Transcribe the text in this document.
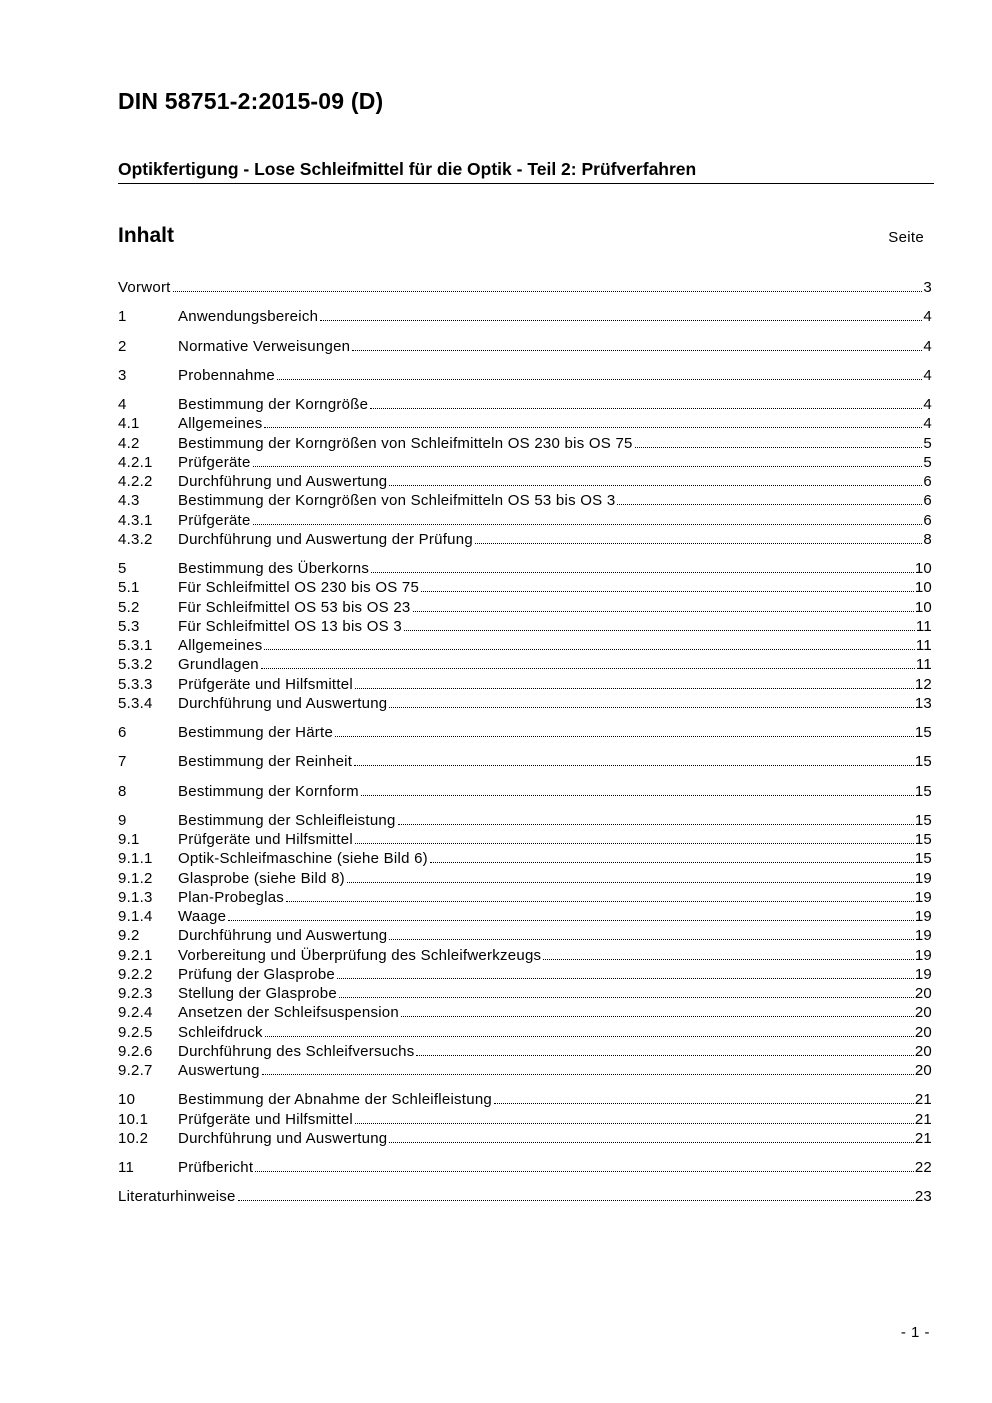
DIN 58751-2:2015-09 (D)
Optikfertigung - Lose Schleifmittel für die Optik - Teil 2: Prüfverfahren
Inhalt	Seite
Vorwort	3
1	Anwendungsbereich	4
2	Normative Verweisungen	4
3	Probennahme	4
4	Bestimmung der Korngröße	4
4.1	Allgemeines	4
4.2	Bestimmung der Korngrößen von Schleifmitteln OS 230 bis OS 75	5
4.2.1	Prüfgeräte	5
4.2.2	Durchführung und Auswertung	6
4.3	Bestimmung der Korngrößen von Schleifmitteln OS 53 bis OS 3	6
4.3.1	Prüfgeräte	6
4.3.2	Durchführung und Auswertung der Prüfung	8
5	Bestimmung des Überkorns	10
5.1	Für Schleifmittel OS 230 bis OS 75	10
5.2	Für Schleifmittel OS 53 bis OS 23	10
5.3	Für Schleifmittel OS 13 bis OS 3	11
5.3.1	Allgemeines	11
5.3.2	Grundlagen	11
5.3.3	Prüfgeräte und Hilfsmittel	12
5.3.4	Durchführung und Auswertung	13
6	Bestimmung der Härte	15
7	Bestimmung der Reinheit	15
8	Bestimmung der Kornform	15
9	Bestimmung der Schleifleistung	15
9.1	Prüfgeräte und Hilfsmittel	15
9.1.1	Optik-Schleifmaschine (siehe Bild 6)	15
9.1.2	Glasprobe (siehe Bild 8)	19
9.1.3	Plan-Probeglas	19
9.1.4	Waage	19
9.2	Durchführung und Auswertung	19
9.2.1	Vorbereitung und Überprüfung des Schleifwerkzeugs	19
9.2.2	Prüfung der Glasprobe	19
9.2.3	Stellung der Glasprobe	20
9.2.4	Ansetzen der Schleifsuspension	20
9.2.5	Schleifdruck	20
9.2.6	Durchführung des Schleifversuchs	20
9.2.7	Auswertung	20
10	Bestimmung der Abnahme der Schleifleistung	21
10.1	Prüfgeräte und Hilfsmittel	21
10.2	Durchführung und Auswertung	21
11	Prüfbericht	22
Literaturhinweise	23
- 1 -
